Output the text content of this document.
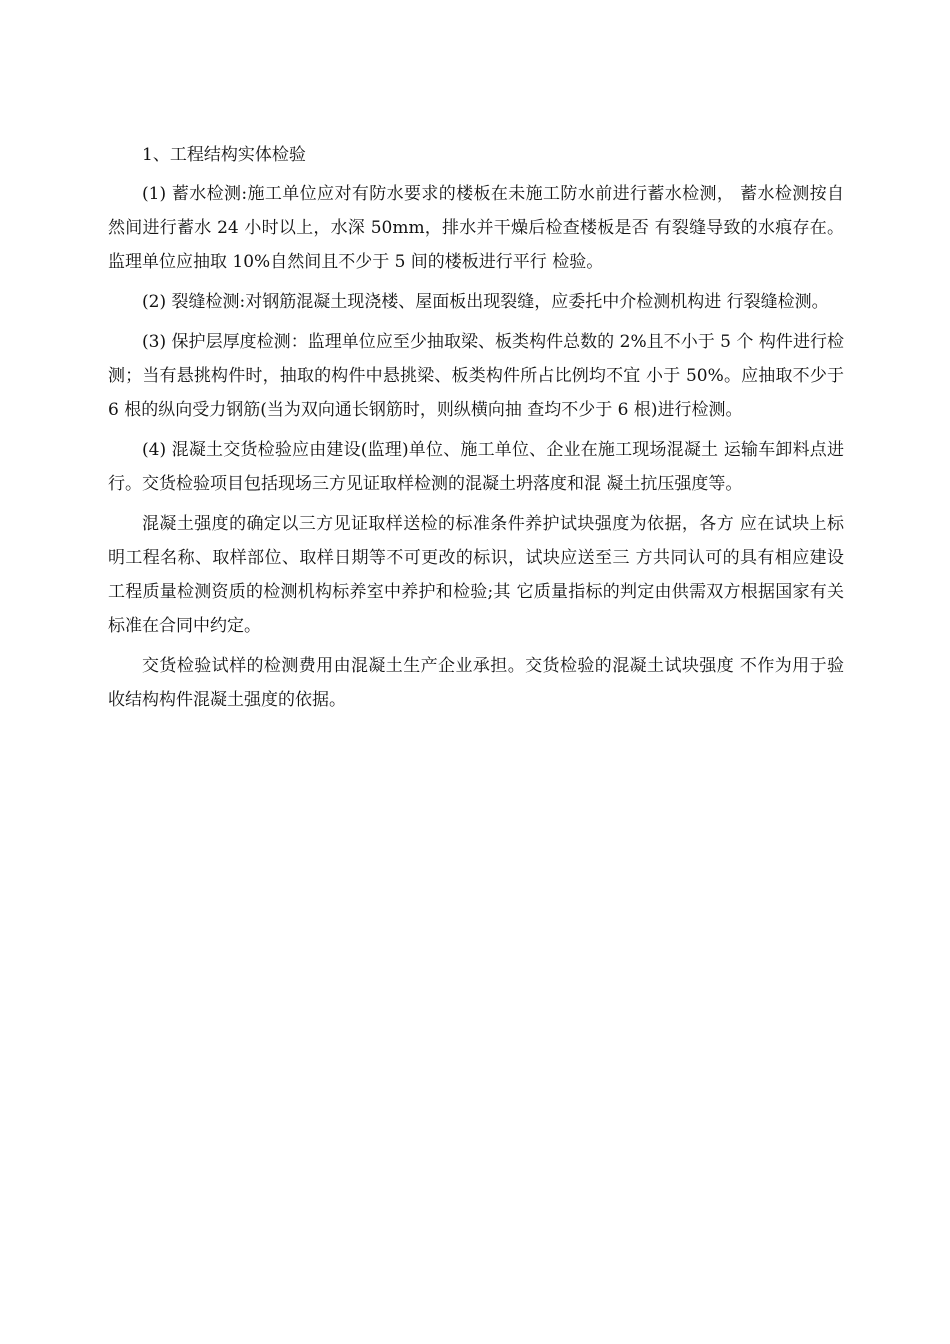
1、工程结构实体检验

(1) 蓄水检测:施工单位应对有防水要求的楼板在未施工防水前进行蓄水检测， 蓄水检测按自然间进行蓄水 24 小时以上，水深 50mm，排水并干燥后检查楼板是否 有裂缝导致的水痕存在。监理单位应抽取 10%自然间且不少于 5 间的楼板进行平行 检验。

(2) 裂缝检测:对钢筋混凝土现浇楼、屋面板出现裂缝，应委托中介检测机构进 行裂缝检测。

(3) 保护层厚度检测：监理单位应至少抽取梁、板类构件总数的 2%且不小于 5 个 构件进行检测；当有悬挑构件时，抽取的构件中悬挑梁、板类构件所占比例均不宜 小于 50%。应抽取不少于 6 根的纵向受力钢筋(当为双向通长钢筋时，则纵横向抽 查均不少于 6 根)进行检测。

(4) 混凝土交货检验应由建设(监理)单位、施工单位、企业在施工现场混凝土 运输车卸料点进行。交货检验项目包括现场三方见证取样检测的混凝土坍落度和混 凝土抗压强度等。

混凝土强度的确定以三方见证取样送检的标准条件养护试块强度为依据，各方 应在试块上标明工程名称、取样部位、取样日期等不可更改的标识，试块应送至三 方共同认可的具有相应建设工程质量检测资质的检测机构标养室中养护和检验;其 它质量指标的判定由供需双方根据国家有关标准在合同中约定。

交货检验试样的检测费用由混凝土生产企业承担。交货检验的混凝土试块强度 不作为用于验收结构构件混凝土强度的依据。
